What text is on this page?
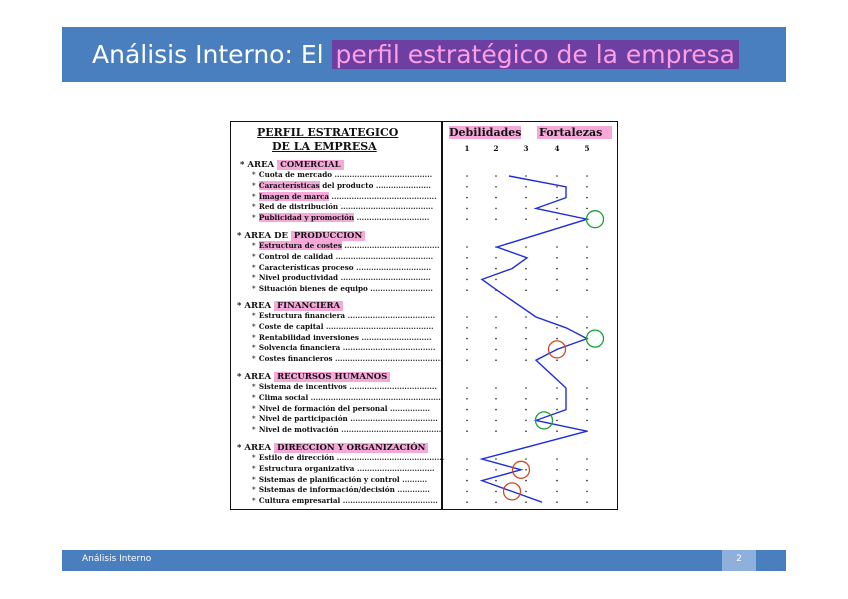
Análisis Interno: El perfil estratégico de la empresa
PERFIL ESTRATEGICO
DE LA EMPRESA
Debilidades Fortalezas
1	2	3	4	5
* AREA COMERCIAL
* Cuota de mercado .......................................
* Características del producto ......................
* Imagen de marca ..........................................
* Red de distribución .....................................
* Publicidad y promoción .............................
* AREA DE PRODUCCION
* Estructura de costes ......................................
* Control de calidad .......................................
* Características proceso ..............................
* Nivel productividad ....................................
* Situación bienes de equipo .........................
* AREA FINANCIERA
* Estructura financiera ...................................
* Coste de capital ...........................................
* Rentabilidad inversiones ............................
* Solvencia financiera .....................................
* Costes financieros ...........................................
* AREA RECURSOS HUMANOS
* Sistema de incentivos ...................................
* Clima social ....................................................
* Nivel de formación del personal ................
* Nivel de participación ...................................
* Nivel de motivación ........................................
* AREA DIRECCION Y ORGANIZACIÓN
* Estilo de dirección ...........................................
* Estructura organizativa ...............................
* Sistemas de planificación y control ..........
* Sistemas de información/decisión .............
* Cultura empresarial ......................................
Análisis Interno	2
